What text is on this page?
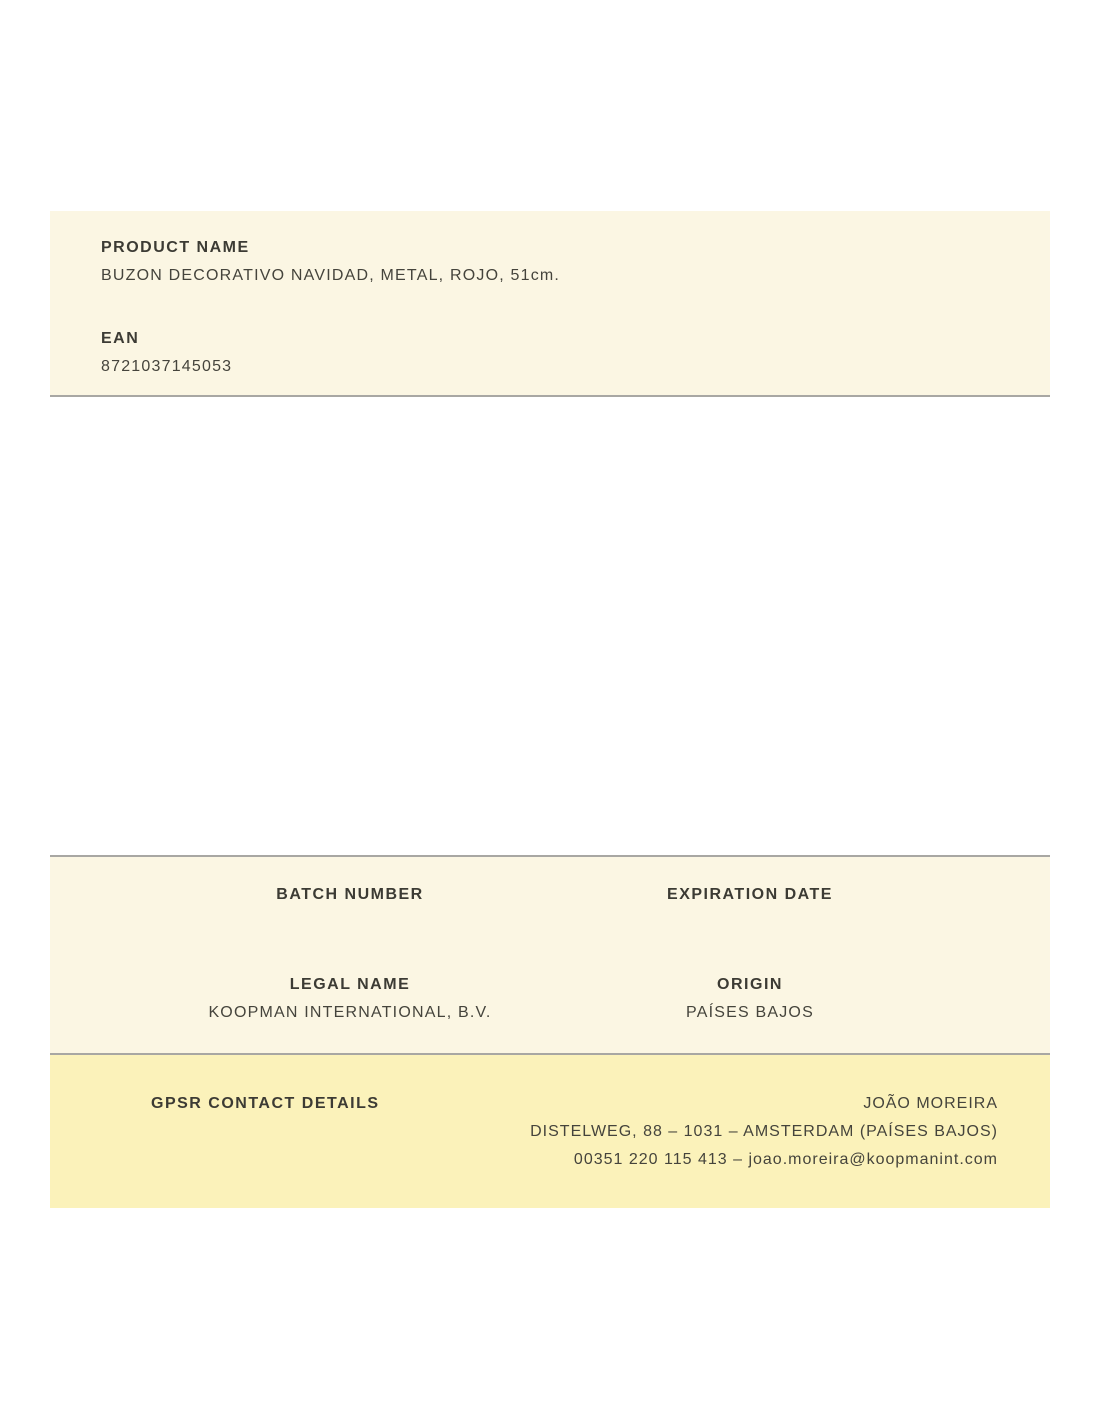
PRODUCT NAME
BUZON DECORATIVO NAVIDAD, METAL, ROJO, 51cm.
EAN
8721037145053
BATCH NUMBER	EXPIRATION DATE
LEGAL NAME	ORIGIN
KOOPMAN INTERNATIONAL, B.V.	PAÍSES BAJOS
GPSR CONTACT DETAILS	JOÃO MOREIRA
DISTELWEG, 88 – 1031 – AMSTERDAM (PAÍSES BAJOS)
00351 220 115 413 – joao.moreira@koopmanint.com
